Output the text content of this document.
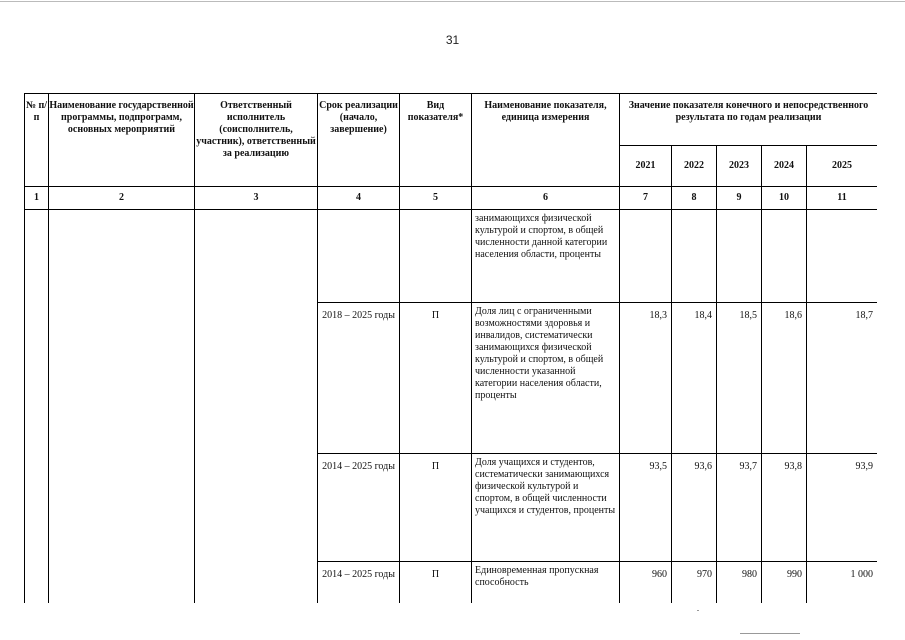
31
№ п/п	Наименование государственной программы, подпрограмм, основных мероприятий	Ответственный исполнитель (соисполнитель, участник), ответственный за реализацию	Срок реализации (начало, завершение)	Вид показателя*	Наименование показателя, единица измерения	Значение показателя конечного и непосредственного результата по годам реализации				
						2021	2022	2023	2024	2025
1	2	3	4	5	6	7	8	9	10	11
					занимающихся физической культурой и спортом, в общей численности данной категории населения области, проценты					
			2018 – 2025 годы	П	Доля лиц с ограниченными возможностями здоровья и инвалидов, систематически занимающихся физической культурой и спортом, в общей численности указанной категории населения области, проценты	18,3	18,4	18,5	18,6	18,7
			2014 – 2025 годы	П	Доля учащихся и студентов, систематически занимающихся физической культурой и спортом, в общей численности учащихся и студентов, проценты	93,5	93,6	93,7	93,8	93,9
			2014 – 2025 годы	П	Единовременная пропускная способность	960	970	980	990	1 000
